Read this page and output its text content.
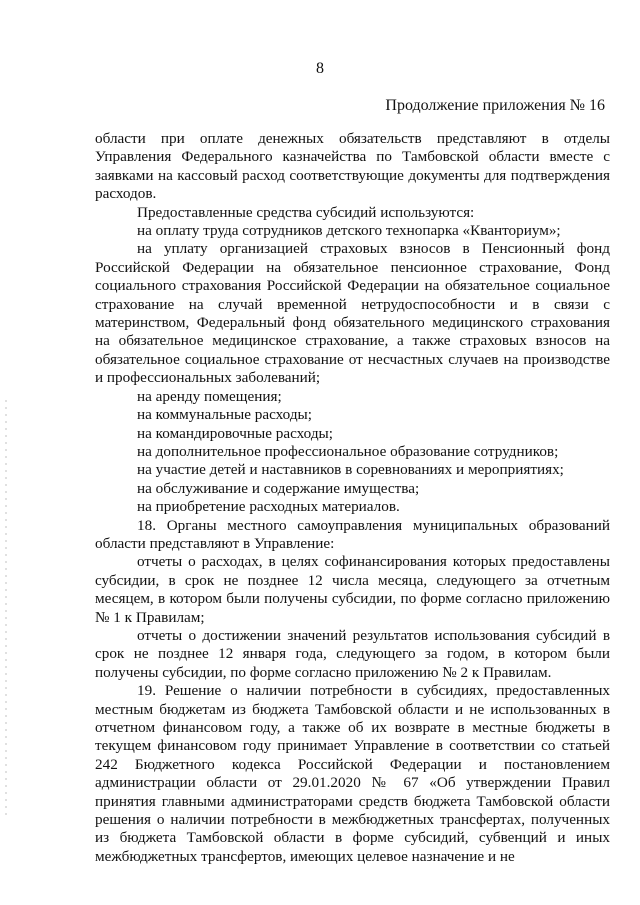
8
Продолжение приложения № 16

области при оплате денежных обязательств представляют в отделы Управления Федерального казначейства по Тамбовской области вместе с заявками на кассовый расход соответствующие документы для подтверждения расходов.

Предоставленные средства субсидий используются:

на оплату труда сотрудников детского технопарка «Кванториум»;

на уплату организацией страховых взносов в Пенсионный фонд Российской Федерации на обязательное пенсионное страхование, Фонд социального страхования Российской Федерации на обязательное социальное страхование на случай временной нетрудоспособности и в связи с материнством, Федеральный фонд обязательного медицинского страхования на обязательное медицинское страхование, а также страховых взносов на обязательное социальное страхование от несчастных случаев на производстве и профессиональных заболеваний;

на аренду помещения;

на коммунальные расходы;

на командировочные расходы;

на дополнительное профессиональное образование сотрудников;

на участие детей и наставников в соревнованиях и мероприятиях;

на обслуживание и содержание имущества;

на приобретение расходных материалов.

18. Органы местного самоуправления муниципальных образований области представляют в Управление:

отчеты о расходах, в целях софинансирования которых предоставлены субсидии, в срок не позднее 12 числа месяца, следующего за отчетным месяцем, в котором были получены субсидии, по форме согласно приложению № 1 к Правилам;

отчеты о достижении значений результатов использования субсидий в срок не позднее 12 января года, следующего за годом, в котором были получены субсидии, по форме согласно приложению № 2 к Правилам.

19. Решение о наличии потребности в субсидиях, предоставленных местным бюджетам из бюджета Тамбовской области и не использованных в отчетном финансовом году, а также об их возврате в местные бюджеты в текущем финансовом году принимает Управление в соответствии со статьей 242 Бюджетного кодекса Российской Федерации и постановлением администрации области от 29.01.2020 № 67 «Об утверждении Правил принятия главными администраторами средств бюджета Тамбовской области решения о наличии потребности в межбюджетных трансфертах, полученных из бюджета Тамбовской области в форме субсидий, субвенций и иных межбюджетных трансфертов, имеющих целевое назначение и не
